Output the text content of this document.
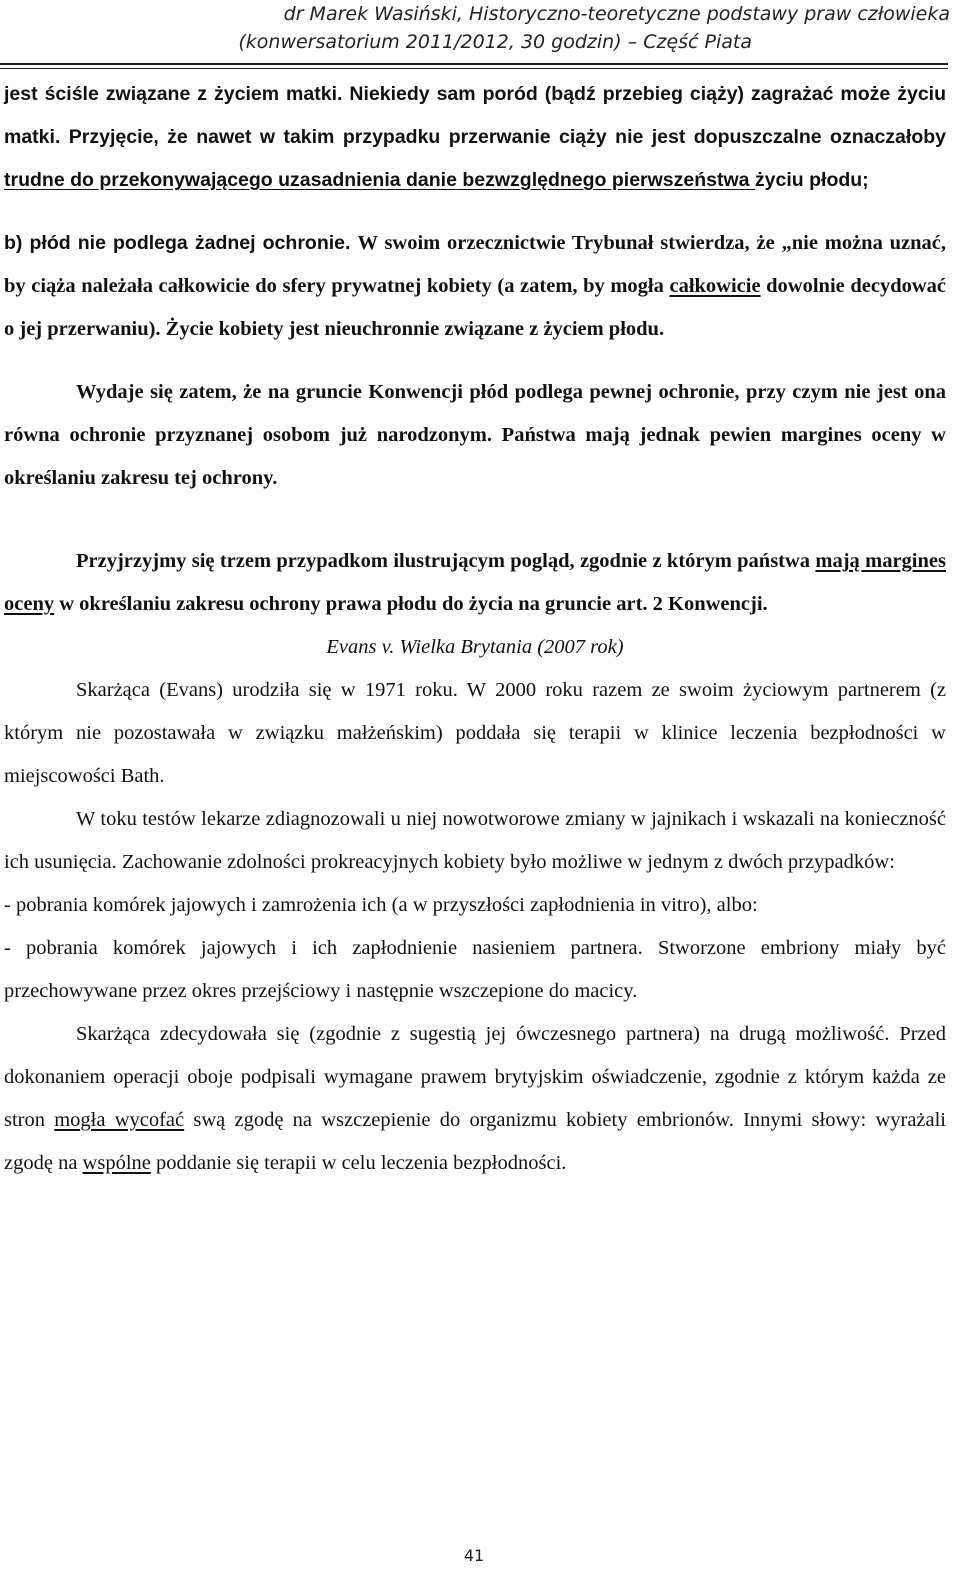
dr Marek Wasiński, Historyczno-teoretyczne podstawy praw człowieka
(konwersatorium 2011/2012, 30 godzin) – Część Piata

jest ściśle związane z życiem matki. Niekiedy sam poród (bądź przebieg ciąży) zagrażać może życiu matki. Przyjęcie, że nawet w takim przypadku przerwanie ciąży nie jest dopuszczalne oznaczałoby trudne do przekonywającego uzasadnienia danie bezwzględnego pierwszeństwa życiu płodu;

b) płód nie podlega żadnej ochronie. W swoim orzecznictwie Trybunał stwierdza, że „nie można uznać, by ciąża należała całkowicie do sfery prywatnej kobiety (a zatem, by mogła całkowicie dowolnie decydować o jej przerwaniu). Życie kobiety jest nieuchronnie związane z życiem płodu.

Wydaje się zatem, że na gruncie Konwencji płód podlega pewnej ochronie, przy czym nie jest ona równa ochronie przyznanej osobom już narodzonym. Państwa mają jednak pewien margines oceny w określaniu zakresu tej ochrony.

Przyjrzyjmy się trzem przypadkom ilustrującym pogląd, zgodnie z którym państwa mają margines oceny w określaniu zakresu ochrony prawa płodu do życia na gruncie art. 2 Konwencji.

Evans v. Wielka Brytania (2007 rok)

Skarżąca (Evans) urodziła się w 1971 roku. W 2000 roku razem ze swoim życiowym partnerem (z którym nie pozostawała w związku małżeńskim) poddała się terapii w klinice leczenia bezpłodności w miejscowości Bath.

W toku testów lekarze zdiagnozowali u niej nowotworowe zmiany w jajnikach i wskazali na konieczność ich usunięcia. Zachowanie zdolności prokreacyjnych kobiety było możliwe w jednym z dwóch przypadków:

- pobrania komórek jajowych i zamrożenia ich (a w przyszłości zapłodnienia in vitro), albo:

- pobrania komórek jajowych i ich zapłodnienie nasieniem partnera. Stworzone embriony miały być przechowywane przez okres przejściowy i następnie wszczepione do macicy.

Skarżąca zdecydowała się (zgodnie z sugestią jej ówczesnego partnera) na drugą możliwość. Przed dokonaniem operacji oboje podpisali wymagane prawem brytyjskim oświadczenie, zgodnie z którym każda ze stron mogła wycofać swą zgodę na wszczepienie do organizmu kobiety embrionów. Innymi słowy: wyrażali zgodę na wspólne poddanie się terapii w celu leczenia bezpłodności.

41
